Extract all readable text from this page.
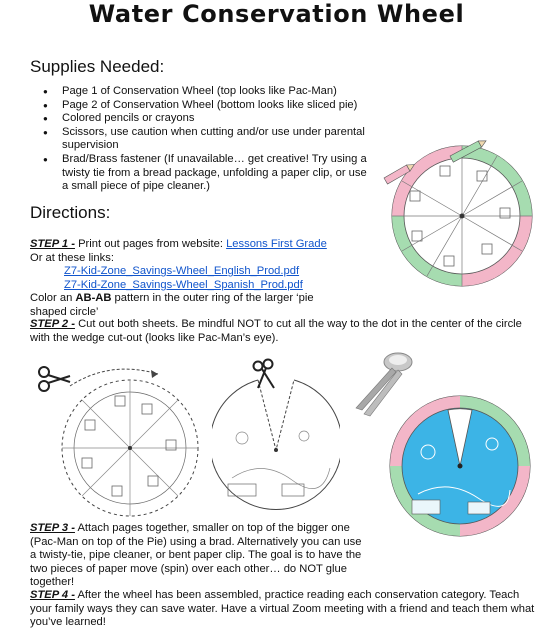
Water Conservation Wheel
Supplies Needed:
● Page 1 of Conservation Wheel (top looks like Pac-Man)
● Page 2 of Conservation Wheel (bottom looks like sliced pie)
● Colored pencils or crayons
● Scissors, use caution when cutting and/or use under parental supervision
● Brad/Brass fastener (If unavailable… get creative! Try using a twisty tie from a bread package, unfolding a paper clip, or use a small piece of pipe cleaner.)
Directions:
STEP 1 - Print out pages from website: Lessons First Grade
Or at these links:
Z7-Kid-Zone_Savings-Wheel_English_Prod.pdf
Z7-Kid-Zone_Savings-Wheel_Spanish_Prod.pdf
Color an AB-AB pattern in the outer ring of the larger ‘pie shaped circle’
STEP 2 - Cut out both sheets. Be mindful NOT to cut all the way to the dot in the center of the circle with the wedge cut-out (looks like Pac-Man’s eye).
STEP 3 - Attach pages together, smaller on top of the bigger one (Pac-Man on top of the Pie) using a brad. Alternatively you can use a twisty-tie, pipe cleaner, or bent paper clip. The goal is to have the two pieces of paper move (spin) over each other… do NOT glue together!
STEP 4 - After the wheel has been assembled, practice reading each conservation category. Teach your family ways they can save water. Have a virtual Zoom meeting with a friend and teach them what you’ve learned!
